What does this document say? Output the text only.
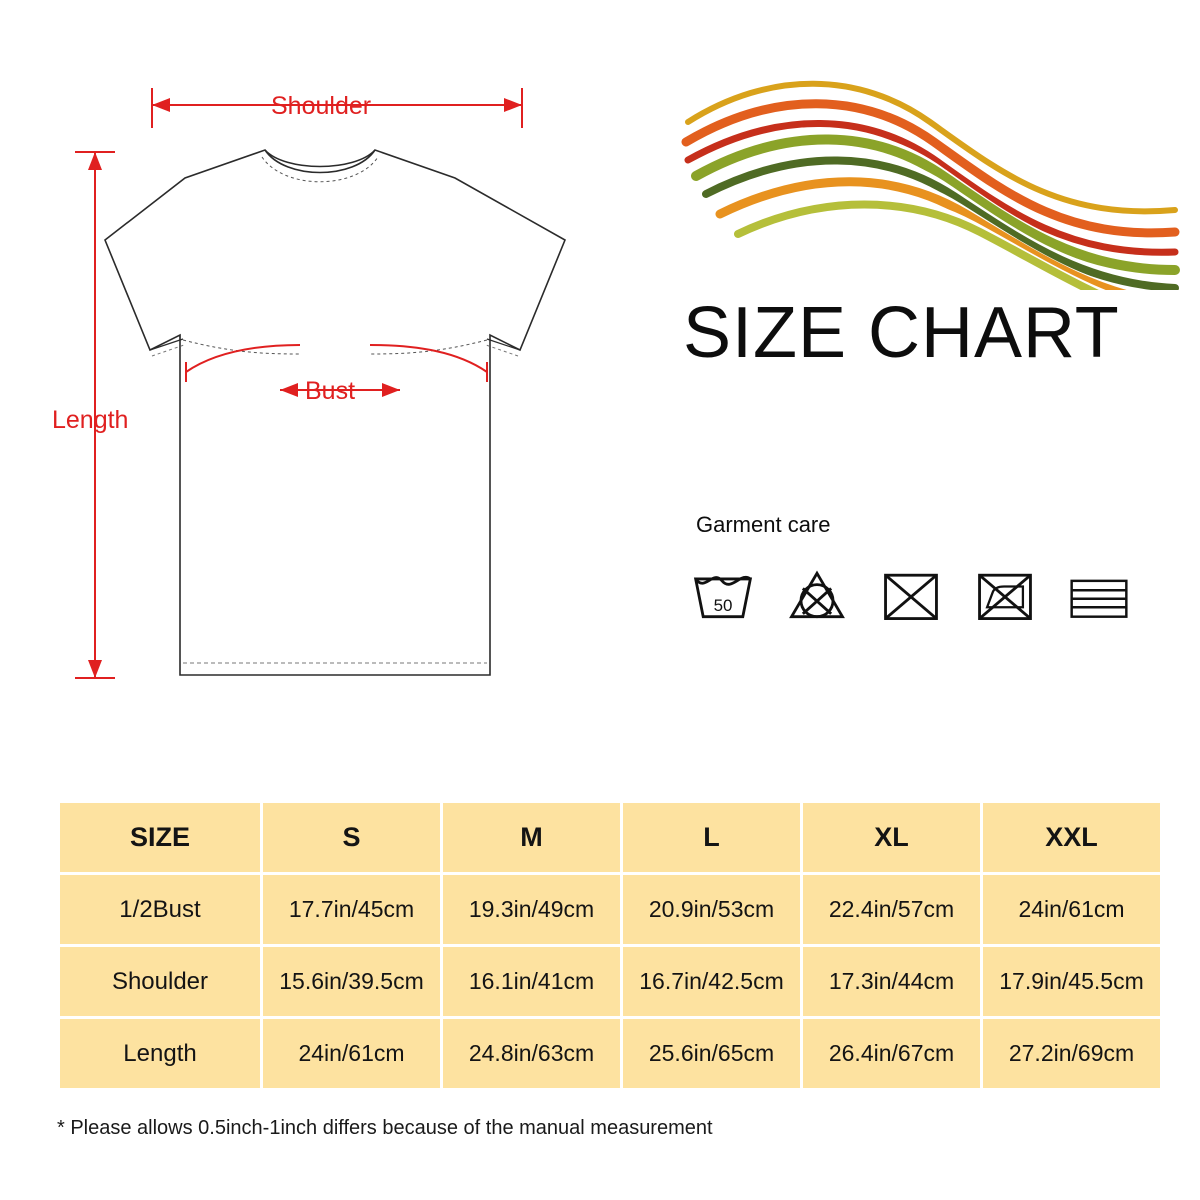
Shoulder
Length
Bust
SIZE CHART
Garment care
50
SIZE	S	M	L	XL	XXL
1/2Bust	17.7in/45cm	19.3in/49cm	20.9in/53cm	22.4in/57cm	24in/61cm
Shoulder	15.6in/39.5cm	16.1in/41cm	16.7in/42.5cm	17.3in/44cm	17.9in/45.5cm
Length	24in/61cm	24.8in/63cm	25.6in/65cm	26.4in/67cm	27.2in/69cm
* Please allows 0.5inch-1inch differs because of the manual measurement
